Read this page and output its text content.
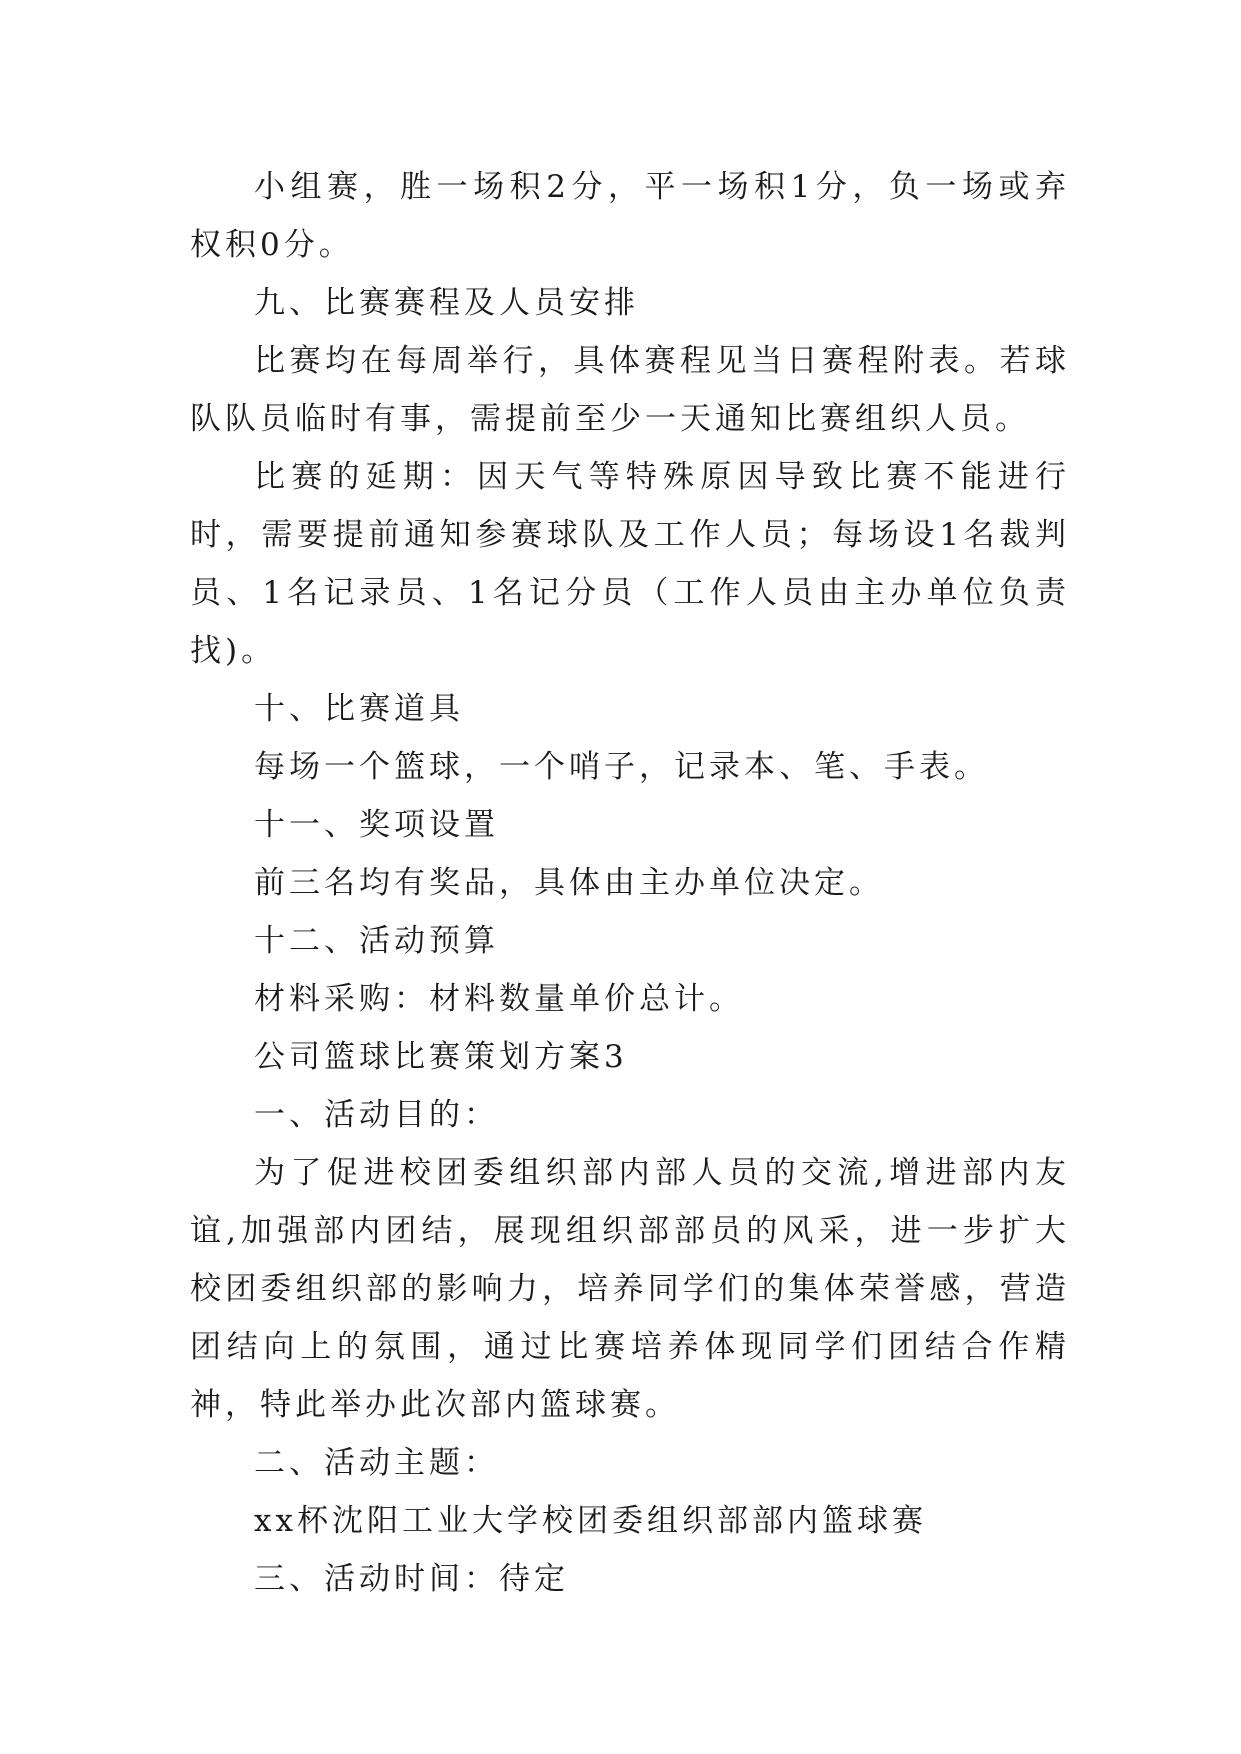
小组赛，胜一场积2分，平一场积1分，负一场或弃权积0分。

九、比赛赛程及人员安排

比赛均在每周举行，具体赛程见当日赛程附表。若球队队员临时有事，需提前至少一天通知比赛组织人员。

比赛的延期：因天气等特殊原因导致比赛不能进行时，需要提前通知参赛球队及工作人员；每场设1名裁判员、1名记录员、1名记分员（工作人员由主办单位负责找)。

十、比赛道具

每场一个篮球，一个哨子，记录本、笔、手表。

十一、奖项设置

前三名均有奖品，具体由主办单位决定。

十二、活动预算

材料采购：材料数量单价总计。

公司篮球比赛策划方案3

一、活动目的：

为了促进校团委组织部内部人员的交流,增进部内友谊,加强部内团结，展现组织部部员的风采，进一步扩大校团委组织部的影响力，培养同学们的集体荣誉感，营造团结向上的氛围，通过比赛培养体现同学们团结合作精神，特此举办此次部内篮球赛。

二、活动主题：

xx杯沈阳工业大学校团委组织部部内篮球赛

三、活动时间：待定
